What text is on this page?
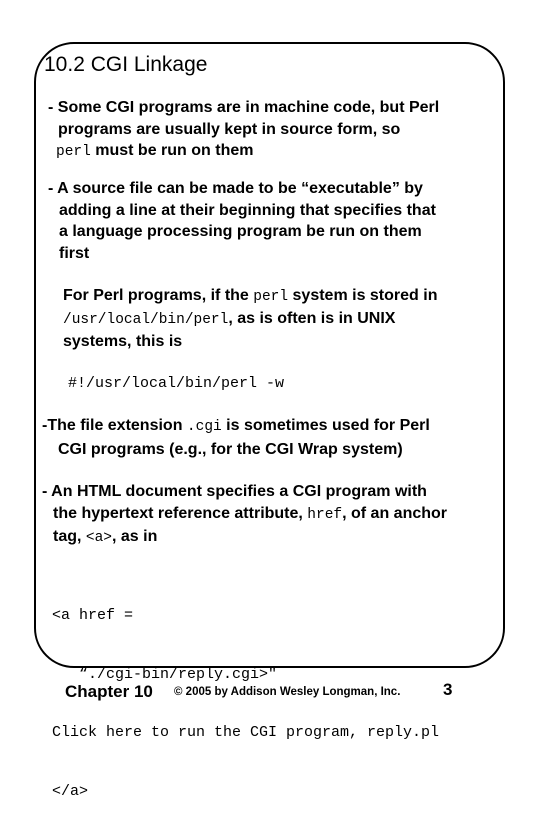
10.2 CGI Linkage
- Some CGI programs are in machine code, but Perl
programs are usually kept in source form, so
perl must be run on them
- A source file can be made to be “executable” by
adding a line at their beginning that specifies that
a language processing program be run on them
first
For Perl programs, if the perl system is stored in
/usr/local/bin/perl, as is often is in UNIX
systems, this is
#!/usr/local/bin/perl -w
-The file extension .cgi is sometimes used for Perl
CGI programs (e.g., for the CGI Wrap system)
- An HTML document specifies a CGI program with
the hypertext reference attribute, href, of an anchor
tag, <a>, as in

<a href =

“./cgi-bin/reply.cgi>"

Click here to run the CGI program, reply.pl

</a>

Chapter 10 © 2005 by Addison Wesley Longman, Inc.	3
